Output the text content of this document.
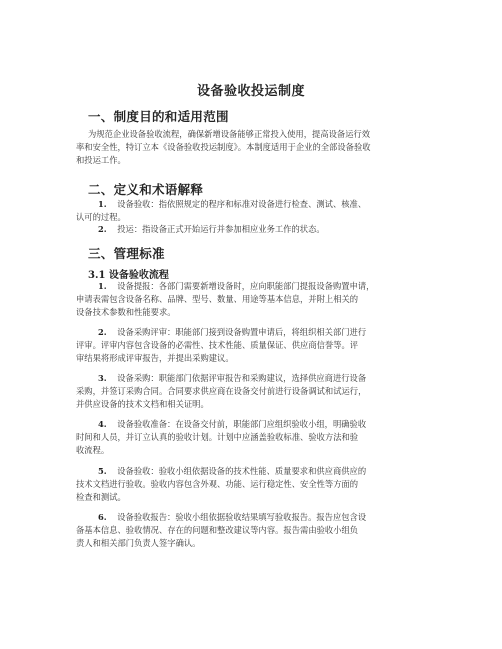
设备验收投运制度
一、制度目的和适用范围
为规范企业设备验收流程，确保新增设备能够正常投入使用，提高设备运行效
率和安全性，特订立本《设备验收投运制度》。本制度适用于企业的全部设备验收
和投运工作。
二、定义和术语解释
1. 设备验收：指依照规定的程序和标准对设备进行检查、测试、核准、
认可的过程。
2. 投运：指设备正式开始运行并参加相应业务工作的状态。
三、管理标准
3.1 设备验收流程
1. 设备提报：各部门需要新增设备时，应向职能部门提报设备购置申请，
申请表需包含设备名称、品牌、型号、数量、用途等基本信息，并附上相关的
设备技术参数和性能要求。
2. 设备采购评审：职能部门接到设备购置申请后，将组织相关部门进行
评审。评审内容包含设备的必需性、技术性能、质量保证、供应商信誉等。评
审结果将形成评审报告，并提出采购建议。
3. 设备采购：职能部门依据评审报告和采购建议，选择供应商进行设备
采购，并签订采购合同。合同要求供应商在设备交付前进行设备调试和试运行，
并供应设备的技术文档和相关证明。
4. 设备验收准备：在设备交付前，职能部门应组织验收小组，明确验收
时间和人员，并订立认真的验收计划。计划中应涵盖验收标准、验收方法和验
收流程。
5. 设备验收：验收小组依据设备的技术性能、质量要求和供应商供应的
技术文档进行验收。验收内容包含外观、功能、运行稳定性、安全性等方面的
检查和测试。
6. 设备验收报告：验收小组依据验收结果填写验收报告。报告应包含设
备基本信息、验收情况、存在的问题和整改建议等内容。报告需由验收小组负
责人和相关部门负责人签字确认。
